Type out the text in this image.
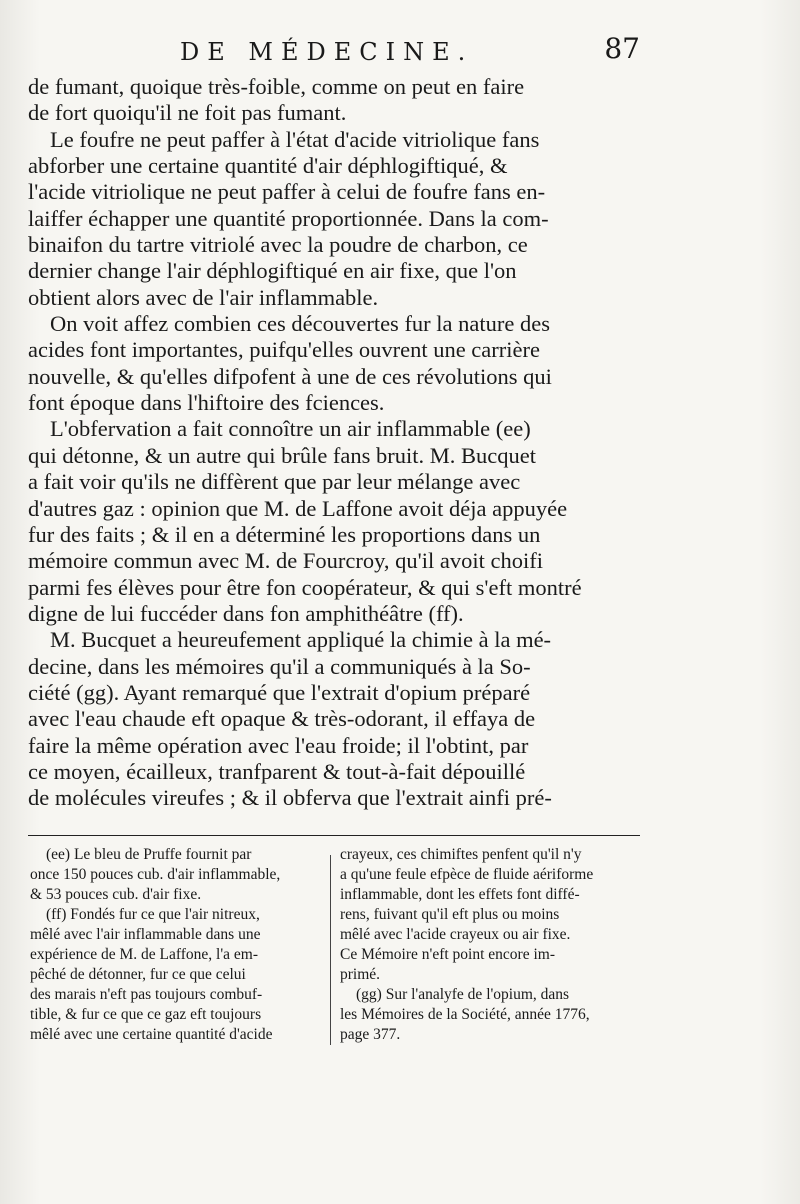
DE MÉDECINE.	87
de fumant, quoique très-foible, comme on peut en faire
de fort quoiqu'il ne foit pas fumant.
Le foufre ne peut paffer à l'état d'acide vitriolique fans
abforber une certaine quantité d'air déphlogiftiqué, &
l'acide vitriolique ne peut paffer à celui de foufre fans en-
laiffer échapper une quantité proportionnée. Dans la com-
binaifon du tartre vitriolé avec la poudre de charbon, ce
dernier change l'air déphlogiftiqué en air fixe, que l'on
obtient alors avec de l'air inflammable.
On voit affez combien ces découvertes fur la nature des
acides font importantes, puifqu'elles ouvrent une carrière
nouvelle, & qu'elles difpofent à une de ces révolutions qui
font époque dans l'hiftoire des fciences.
L'obfervation a fait connoître un air inflammable (ee)
qui détonne, & un autre qui brûle fans bruit. M. Bucquet
a fait voir qu'ils ne diffèrent que par leur mélange avec
d'autres gaz : opinion que M. de Laffone avoit déja appuyée
fur des faits ; & il en a déterminé les proportions dans un
mémoire commun avec M. de Fourcroy, qu'il avoit choifi
parmi fes élèves pour être fon coopérateur, & qui s'eft montré
digne de lui fuccéder dans fon amphithéâtre (ff).
M. Bucquet a heureufement appliqué la chimie à la mé-
decine, dans les mémoires qu'il a communiqués à la So-
ciété (gg). Ayant remarqué que l'extrait d'opium préparé
avec l'eau chaude eft opaque & très-odorant, il effaya de
faire la même opération avec l'eau froide; il l'obtint, par
ce moyen, écailleux, tranfparent & tout-à-fait dépouillé
de molécules vireufes ; & il obferva que l'extrait ainfi pré-
(ee) Le bleu de Pruffe fournit par
once 150 pouces cub. d'air inflammable,
& 53 pouces cub. d'air fixe.
(ff) Fondés fur ce que l'air nitreux,
mêlé avec l'air inflammable dans une
expérience de M. de Laffone, l'a em-
pêché de détonner, fur ce que celui
des marais n'eft pas toujours combuf-
tible, & fur ce que ce gaz eft toujours
mêlé avec une certaine quantité d'acide
crayeux, ces chimiftes penfent qu'il n'y
a qu'une feule efpèce de fluide aériforme
inflammable, dont les effets font diffé-
rens, fuivant qu'il eft plus ou moins
mêlé avec l'acide crayeux ou air fixe.
Ce Mémoire n'eft point encore im-
primé.
(gg) Sur l'analyfe de l'opium, dans
les Mémoires de la Société, année 1776,
page 377.
